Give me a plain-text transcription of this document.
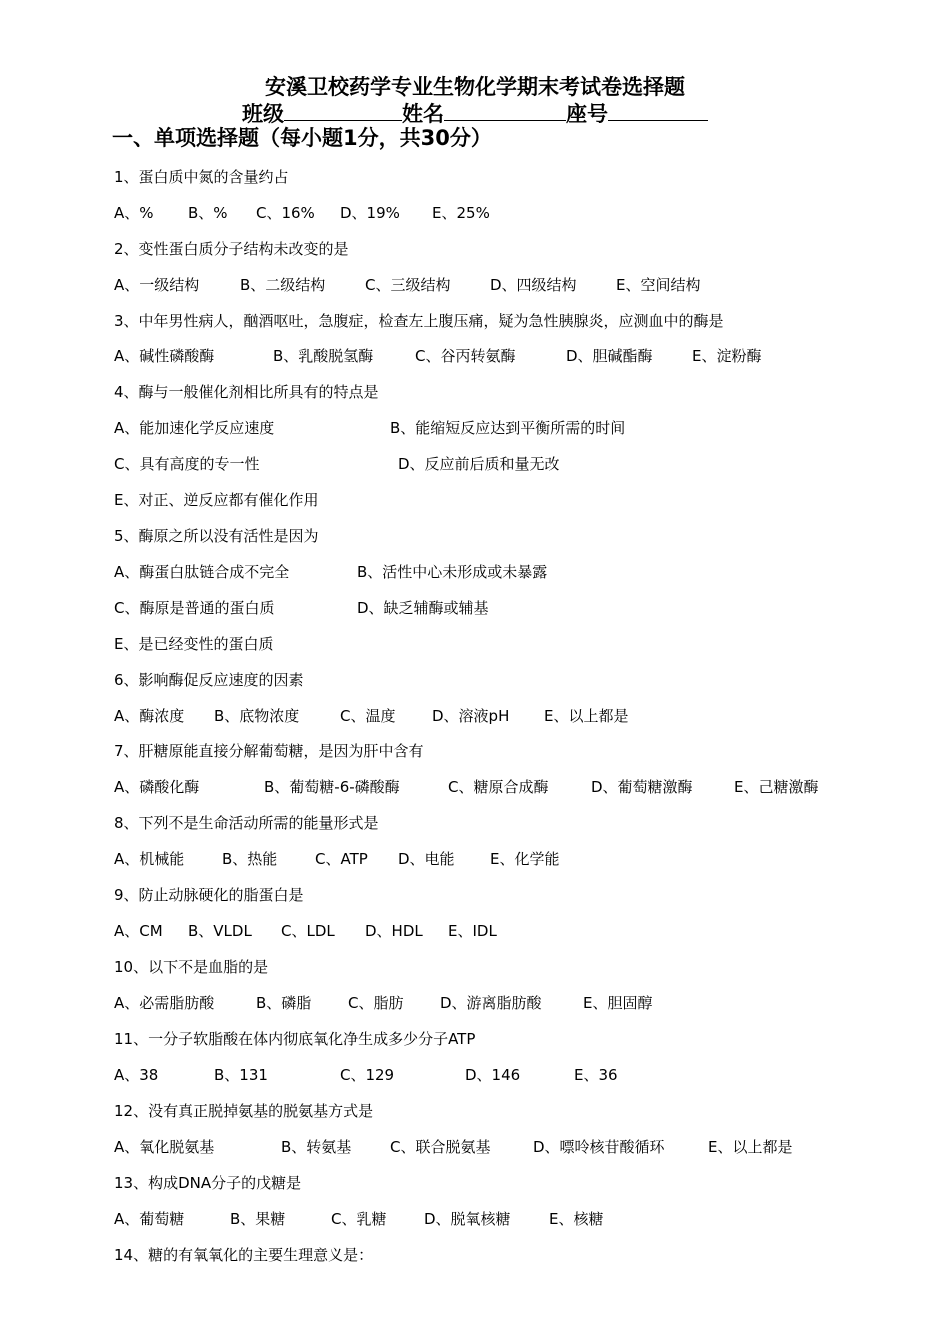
安溪卫校药学专业生物化学期末考试卷选择题
班级	姓名	座号
一、单项选择题（每小题1分，共30分）
1、蛋白质中氮的含量约占
A、% B、% C、16% D、19% E、25%
2、变性蛋白质分子结构未改变的是
A、一级结构	B、二级结构	C、三级结构	D、四级结构	E、空间结构
3、中年男性病人，酗酒呕吐，急腹症，检查左上腹压痛，疑为急性胰腺炎，应测血中的酶是
A、碱性磷酸酶	B、乳酸脱氢酶	C、谷丙转氨酶	D、胆碱酯酶	E、淀粉酶
4、酶与一般催化剂相比所具有的特点是
A、能加速化学反应速度	B、能缩短反应达到平衡所需的时间
C、具有高度的专一性	D、反应前后质和量无改
E、对正、逆反应都有催化作用
5、酶原之所以没有活性是因为
A、酶蛋白肽链合成不完全	B、活性中心未形成或未暴露
C、酶原是普通的蛋白质	D、缺乏辅酶或辅基
E、是已经变性的蛋白质
6、影响酶促反应速度的因素
A、酶浓度 B、底物浓度	C、温度 D、溶液pH E、以上都是
7、肝糖原能直接分解葡萄糖，是因为肝中含有
A、磷酸化酶	B、葡萄糖-6-磷酸酶	C、糖原合成酶	D、葡萄糖激酶	E、己糖激酶
8、下列不是生命活动所需的能量形式是
A、机械能	B、热能	C、ATP D、电能 E、化学能
9、防止动脉硬化的脂蛋白是
A、CM B、VLDL C、LDL D、HDL E、IDL
10、以下不是血脂的是
A、必需脂肪酸	B、磷脂 C、脂肪 D、游离脂肪酸	E、胆固醇
11、一分子软脂酸在体内彻底氧化净生成多少分子ATP
A、38	B、131	C、129	D、146	E、36
12、没有真正脱掉氨基的脱氨基方式是
A、氧化脱氨基	B、转氨基	C、联合脱氨基	D、嘌呤核苷酸循环	E、以上都是
13、构成DNA分子的戊糖是
A、葡萄糖	B、果糖	C、乳糖	D、脱氧核糖	E、核糖
14、糖的有氧氧化的主要生理意义是：
